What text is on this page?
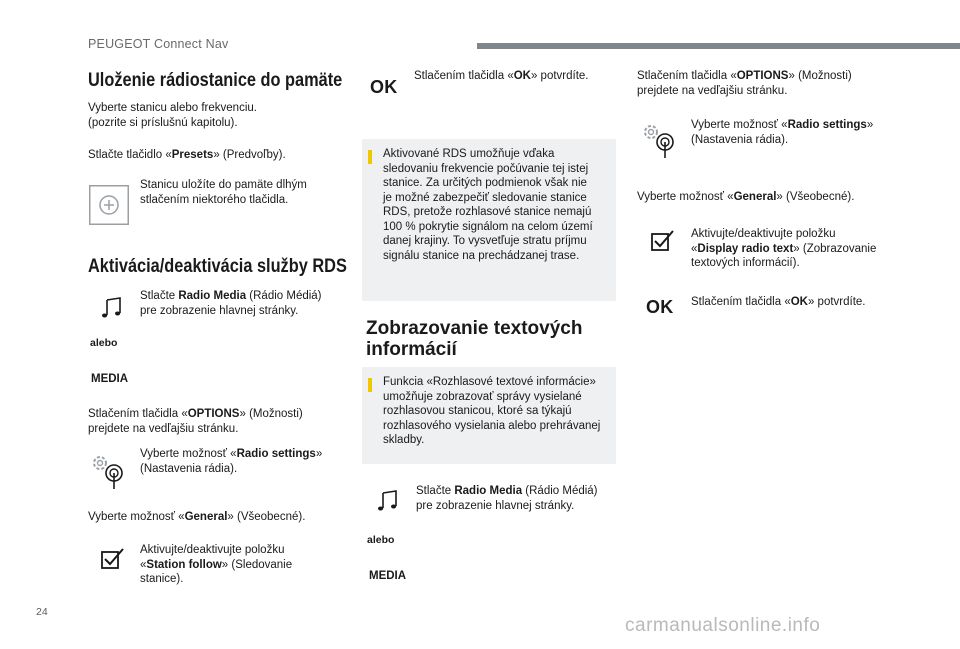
PEUGEOT Connect Nav
Uloženie rádiostanice do pamäte
Vyberte stanicu alebo frekvenciu.
(pozrite si príslušnú kapitolu).
Stlačte tlačidlo «Presets» (Predvoľby).
Stanicu uložíte do pamäte dlhým
stlačením niektorého tlačidla.
Aktivácia/deaktivácia služby RDS
Stlačte Radio Media (Rádio Médiá)
pre zobrazenie hlavnej stránky.
alebo
MEDIA
Stlačením tlačidla «OPTIONS» (Možnosti)
prejdete na vedľajšiu stránku.
Vyberte možnosť «Radio settings»
(Nastavenia rádia).
Vyberte možnosť «General» (Všeobecné).
Aktivujte/deaktivujte položku
«Station follow» (Sledovanie
stanice).
OK
Stlačením tlačidla «OK» potvrdíte.
Aktivované RDS umožňuje vďaka
sledovaniu frekvencie počúvanie tej istej
stanice. Za určitých podmienok však nie
je možné zabezpečiť sledovanie stanice
RDS, pretože rozhlasové stanice nemajú
100 % pokrytie signálom na celom území
danej krajiny. To vysvetľuje stratu príjmu
signálu stanice na prechádzanej trase.
Zobrazovanie textových
informácií
Funkcia «Rozhlasové textové informácie»
umožňuje zobrazovať správy vysielané
rozhlasovou stanicou, ktoré sa týkajú
rozhlasového vysielania alebo prehrávanej
skladby.
Stlačte Radio Media (Rádio Médiá)
pre zobrazenie hlavnej stránky.
alebo
MEDIA
Stlačením tlačidla «OPTIONS» (Možnosti)
prejdete na vedľajšiu stránku.
Vyberte možnosť «Radio settings»
(Nastavenia rádia).
Vyberte možnosť «General» (Všeobecné).
Aktivujte/deaktivujte položku
«Display radio text» (Zobrazovanie
textových informácií).
OK Stlačením tlačidla «OK» potvrdíte.
24
carmanualsonline.info
